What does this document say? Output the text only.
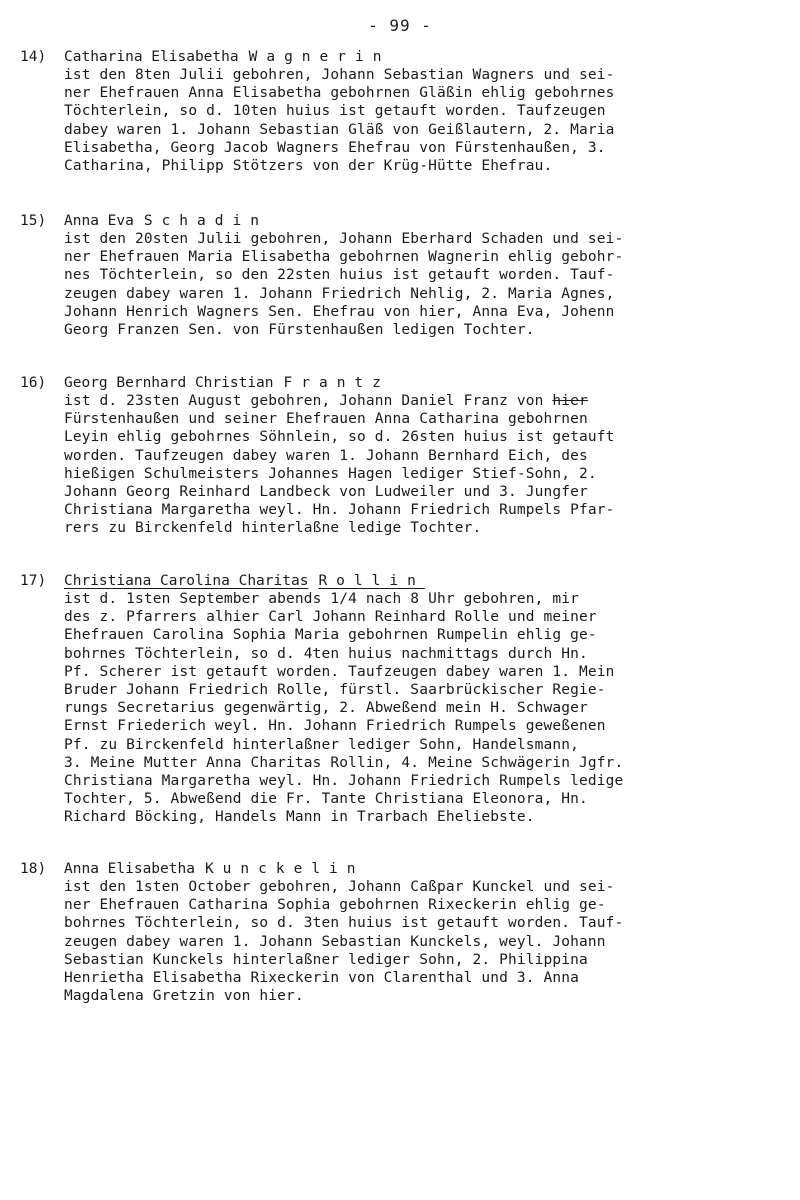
- 99 -
14)	Catharina Elisabetha Wagnerin
ist den 8ten Julii gebohren, Johann Sebastian Wagners und sei-
ner Ehefrauen Anna Elisabetha gebohrnen Gläßin ehlig gebohrnes
Töchterlein, so d. 10ten huius ist getauft worden. Taufzeugen
dabey waren 1. Johann Sebastian Gläß von Geißlautern, 2. Maria
Elisabetha, Georg Jacob Wagners Ehefrau von Fürstenhaußen, 3.
Catharina, Philipp Stötzers von der Krüg-Hütte Ehefrau.
15)	Anna Eva Schadin
ist den 20sten Julii gebohren, Johann Eberhard Schaden und sei-
ner Ehefrauen Maria Elisabetha gebohrnen Wagnerin ehlig gebohr-
nes Töchterlein, so den 22sten huius ist getauft worden. Tauf-
zeugen dabey waren 1. Johann Friedrich Nehlig, 2. Maria Agnes,
Johann Henrich Wagners Sen. Ehefrau von hier, Anna Eva, Johenn
Georg Franzen Sen. von Fürstenhaußen ledigen Tochter.
16)	Georg Bernhard Christian Frantz
ist d. 23sten August gebohren, Johann Daniel Franz von hier
Fürstenhaußen und seiner Ehefrauen Anna Catharina gebohrnen
Leyin ehlig gebohrnes Söhnlein, so d. 26sten huius ist getauft
worden. Taufzeugen dabey waren 1. Johann Bernhard Eich, des
hießigen Schulmeisters Johannes Hagen lediger Stief-Sohn, 2.
Johann Georg Reinhard Landbeck von Ludweiler und 3. Jungfer
Christiana Margaretha weyl. Hn. Johann Friedrich Rumpels Pfar-
rers zu Birckenfeld hinterlaßne ledige Tochter.
17)	Christiana Carolina Charitas Rollin
ist d. 1sten September abends 1/4 nach 8 Uhr gebohren, mir
des z. Pfarrers alhier Carl Johann Reinhard Rolle und meiner
Ehefrauen Carolina Sophia Maria gebohrnen Rumpelin ehlig ge-
bohrnes Töchterlein, so d. 4ten huius nachmittags durch Hn.
Pf. Scherer ist getauft worden. Taufzeugen dabey waren 1. Mein
Bruder Johann Friedrich Rolle, fürstl. Saarbrückischer Regie-
rungs Secretarius gegenwärtig, 2. Abweßend mein H. Schwager
Ernst Friederich weyl. Hn. Johann Friedrich Rumpels geweßenen
Pf. zu Birckenfeld hinterlaßner lediger Sohn, Handelsmann,
3. Meine Mutter Anna Charitas Rollin, 4. Meine Schwägerin Jgfr.
Christiana Margaretha weyl. Hn. Johann Friedrich Rumpels ledige
Tochter, 5. Abweßend die Fr. Tante Christiana Eleonora, Hn.
Richard Böcking, Handels Mann in Trarbach Eheliebste.
18)	Anna Elisabetha Kunckelin
ist den 1sten October gebohren, Johann Caßpar Kunckel und sei-
ner Ehefrauen Catharina Sophia gebohrnen Rixeckerin ehlig ge-
bohrnes Töchterlein, so d. 3ten huius ist getauft worden. Tauf-
zeugen dabey waren 1. Johann Sebastian Kunckels, weyl. Johann
Sebastian Kunckels hinterlaßner lediger Sohn, 2. Philippina
Henrietha Elisabetha Rixeckerin von Clarenthal und 3. Anna
Magdalena Gretzin von hier.
